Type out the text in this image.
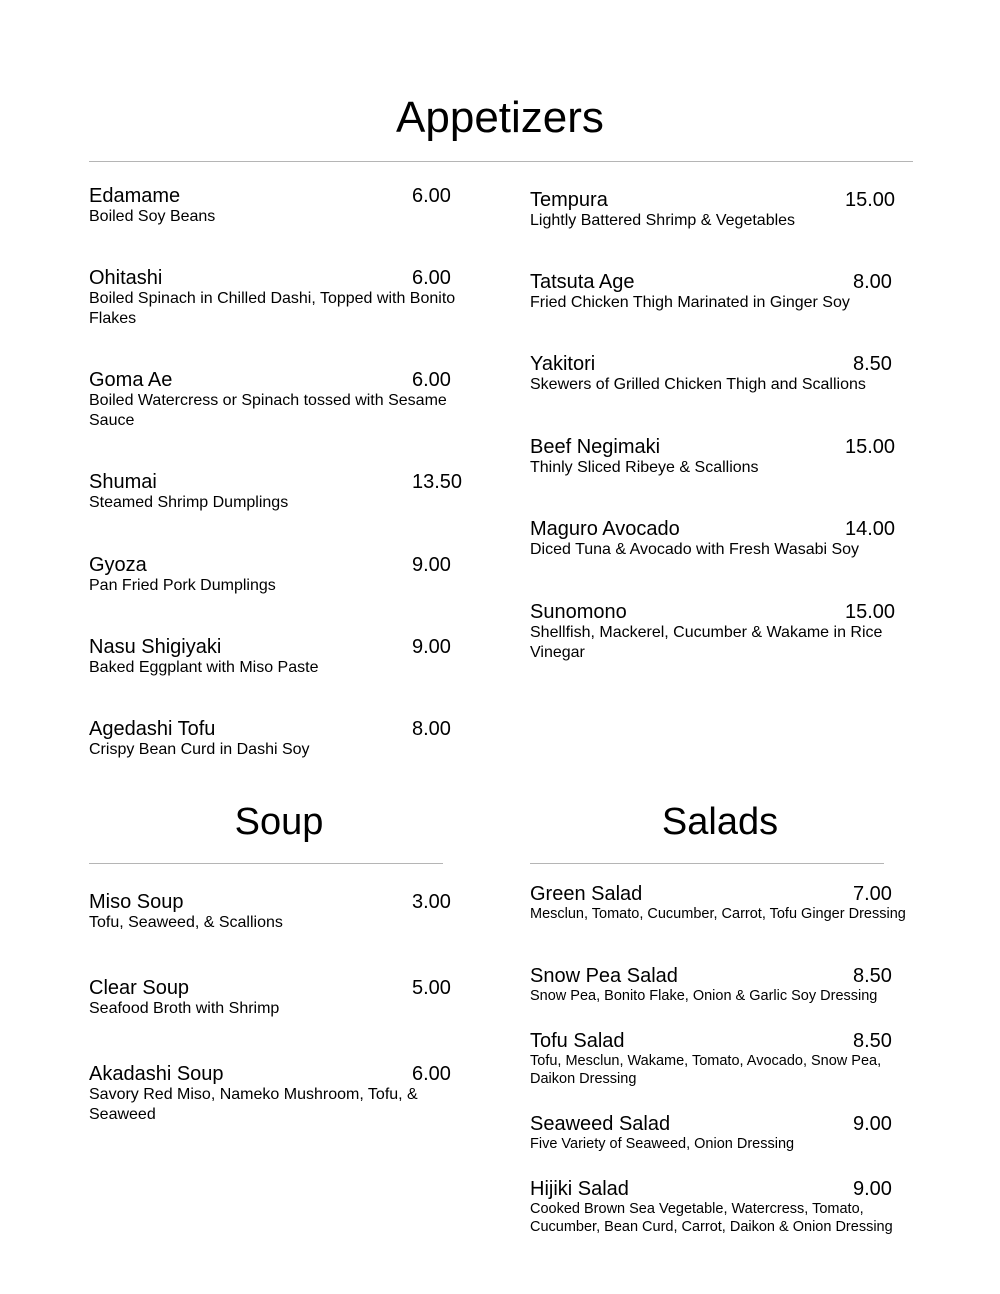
Appetizers
Edamame	6.00
Boiled Soy Beans
Ohitashi	6.00
Boiled Spinach in Chilled Dashi, Topped with Bonito Flakes
Goma Ae	6.00
Boiled Watercress or Spinach tossed with Sesame Sauce
Shumai	13.50
Steamed Shrimp Dumplings
Gyoza	9.00
Pan Fried Pork Dumplings
Nasu Shigiyaki	9.00
Baked Eggplant with Miso Paste
Agedashi Tofu	8.00
Crispy Bean Curd in Dashi Soy
Tempura	15.00
Lightly Battered Shrimp & Vegetables
Tatsuta Age	8.00
Fried Chicken Thigh Marinated in Ginger Soy
Yakitori	8.50
Skewers of Grilled Chicken Thigh and Scallions
Beef Negimaki	15.00
Thinly Sliced Ribeye & Scallions
Maguro Avocado	14.00
Diced Tuna & Avocado with Fresh Wasabi Soy
Sunomono	15.00
Shellfish, Mackerel, Cucumber & Wakame in Rice Vinegar
Soup
Miso Soup	3.00
Tofu, Seaweed, & Scallions
Clear Soup	5.00
Seafood Broth with Shrimp
Akadashi Soup	6.00
Savory Red Miso, Nameko Mushroom, Tofu, & Seaweed
Salads
Green Salad	7.00
Mesclun, Tomato, Cucumber, Carrot, Tofu Ginger Dressing
Snow Pea Salad	8.50
Snow Pea, Bonito Flake, Onion & Garlic Soy Dressing
Tofu Salad	8.50
Tofu, Mesclun, Wakame, Tomato, Avocado, Snow Pea, Daikon Dressing
Seaweed Salad	9.00
Five Variety of Seaweed, Onion Dressing
Hijiki Salad	9.00
Cooked Brown Sea Vegetable, Watercress, Tomato, Cucumber, Bean Curd, Carrot, Daikon & Onion Dressing
